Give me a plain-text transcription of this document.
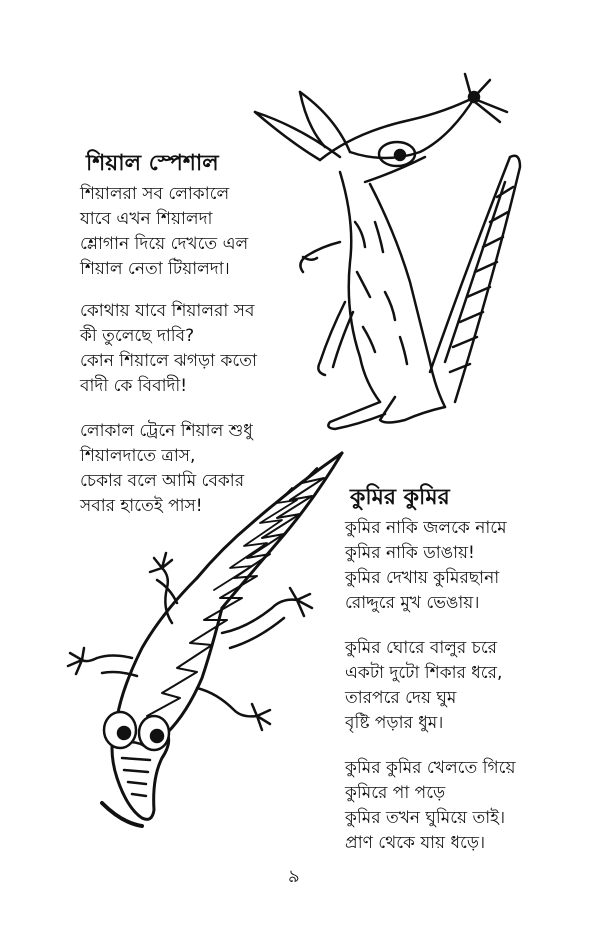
শিয়াল স্পেশাল
শিয়ালরা সব লোকালে
যাবে এখন শিয়ালদা
শ্লোগান দিয়ে দেখতে এল
শিয়াল নেতা টিয়ালদা।
কোথায় যাবে শিয়ালরা সব
কী তুলেছে দাবি?
কোন শিয়ালে ঝগড়া কতো
বাদী কে বিবাদী!
লোকাল ট্রেনে শিয়াল শুধু
শিয়ালদাতে ত্রাস,
চেকার বলে আমি বেকার
সবার হাতেই পাস!	কুমির কুমির
কুমির নাকি জলকে নামে
কুমির নাকি ডাঙায়!
কুমির দেখায় কুমিরছানা
রোদ্দুরে মুখ ভেঙায়।
কুমির ঘোরে বালুর চরে
একটা দুটো শিকার ধরে,
তারপরে দেয় ঘুম
বৃষ্টি পড়ার ধুম।
কুমির কুমির খেলতে গিয়ে
কুমিরে পা পড়ে
কুমির তখন ঘুমিয়ে তাই।
প্রাণ থেকে যায় ধড়ে।
৯
